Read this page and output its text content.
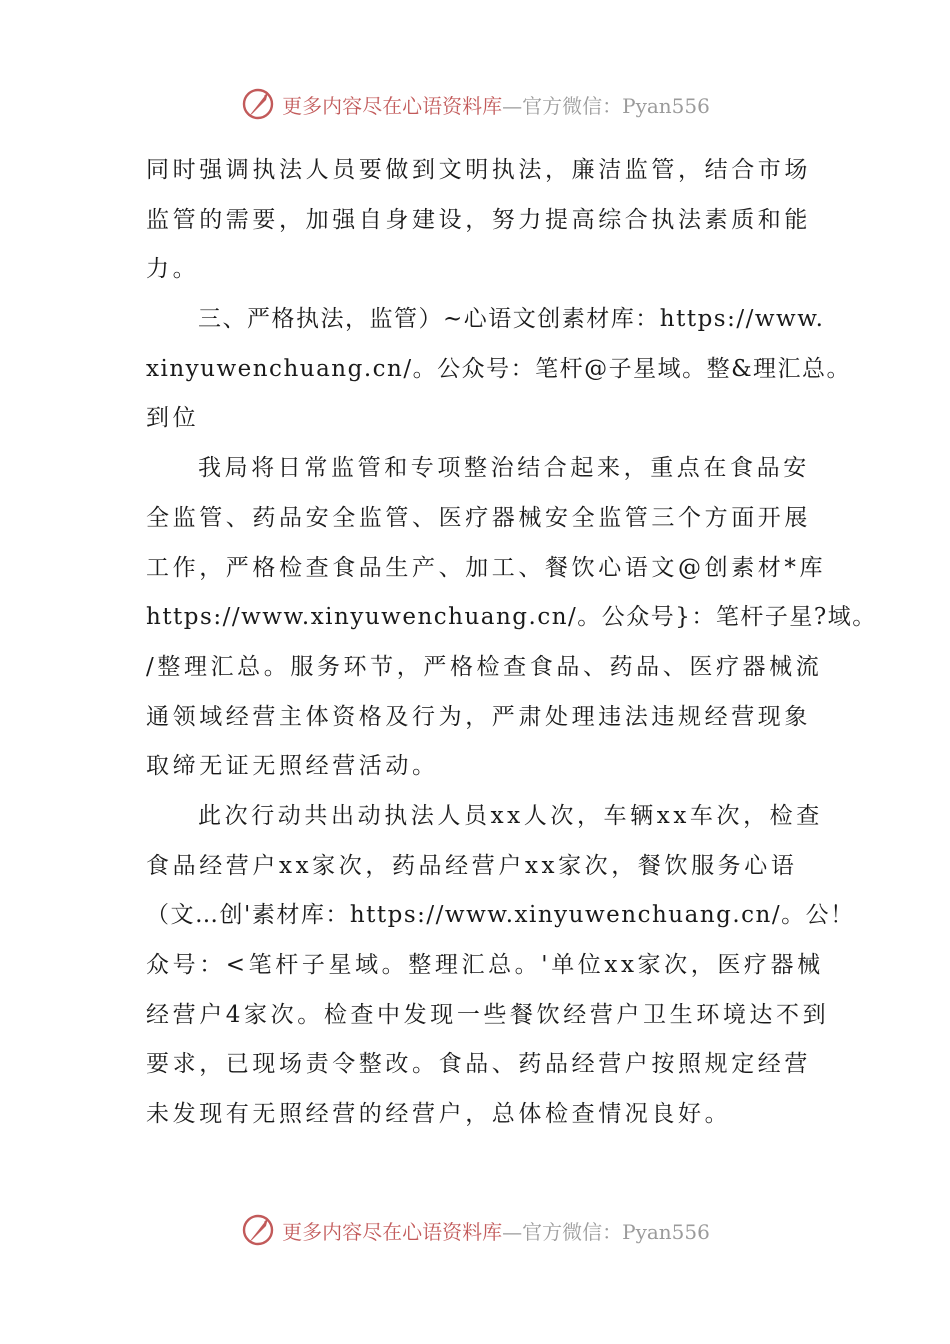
更多内容尽在心语资料库—官方微信：Pyan556
同时强调执法人员要做到文明执法，廉洁监管，结合市场
监管的需要，加强自身建设，努力提高综合执法素质和能
力。
三、严格执法，监管）~心语文创素材库：https://www.
xinyuwenchuang.cn/。公众号：笔杆@子星域。整&理汇总。
到位
我局将日常监管和专项整治结合起来，重点在食品安
全监管、药品安全监管、医疗器械安全监管三个方面开展
工作，严格检查食品生产、加工、餐饮心语文@创素材*库
https://www.xinyuwenchuang.cn/。公众号}：笔杆子星?域。
/整理汇总。服务环节，严格检查食品、药品、医疗器械流
通领域经营主体资格及行为，严肃处理违法违规经营现象
取缔无证无照经营活动。
此次行动共出动执法人员xx人次，车辆xx车次，检查
食品经营户xx家次，药品经营户xx家次，餐饮服务心语
（文…创'素材库：https://www.xinyuwenchuang.cn/。公！
众号：<笔杆子星域。整理汇总。'单位xx家次，医疗器械
经营户4家次。检查中发现一些餐饮经营户卫生环境达不到
要求，已现场责令整改。食品、药品经营户按照规定经营
未发现有无照经营的经营户，总体检查情况良好。
更多内容尽在心语资料库—官方微信：Pyan556
